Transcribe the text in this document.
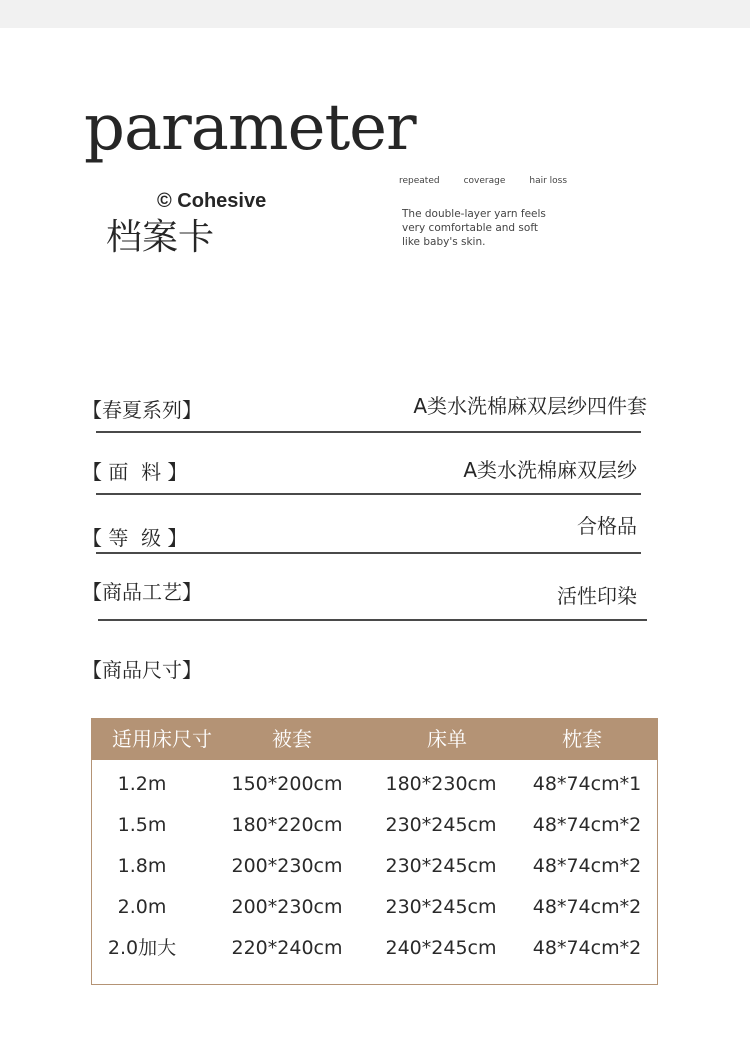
parameter
© Cohesive
档案卡
repeated	coverage	hair loss
The double-layer yarn feels
very comfortable and soft
like baby's skin.
【春夏系列】	A类水洗棉麻双层纱四件套
【 面  料 】	A类水洗棉麻双层纱
【 等  级 】	合格品
【商品工艺】	活性印染
【商品尺寸】
适用床尺寸	被套	床单	枕套
1.2m	150*200cm	180*230cm	48*74cm*1
1.5m	180*220cm	230*245cm	48*74cm*2
1.8m	200*230cm	230*245cm	48*74cm*2
2.0m	200*230cm	230*245cm	48*74cm*2
2.0加大	220*240cm	240*245cm	48*74cm*2
